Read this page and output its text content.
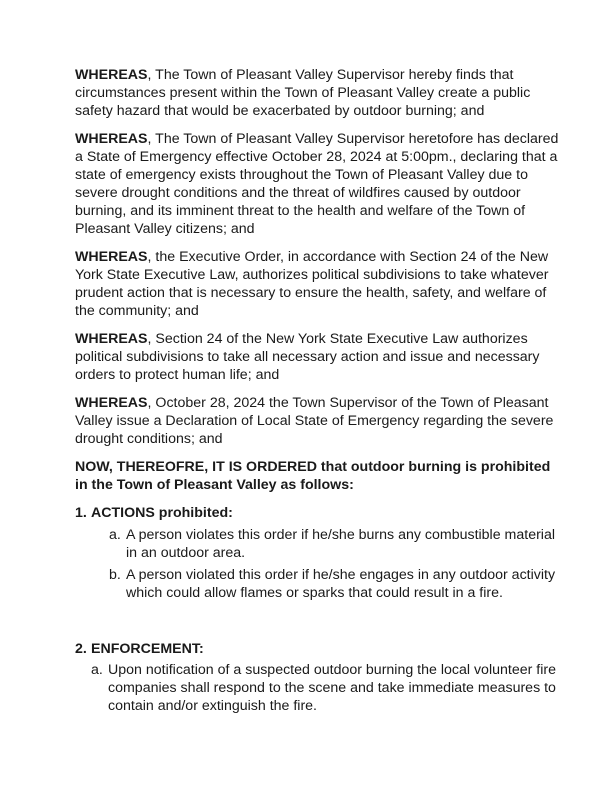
WHEREAS, The Town of Pleasant Valley Supervisor hereby finds that circumstances present within the Town of Pleasant Valley create a public safety hazard that would be exacerbated by outdoor burning; and

WHEREAS, The Town of Pleasant Valley Supervisor heretofore has declared a State of Emergency effective October 28, 2024 at 5:00pm., declaring that a state of emergency exists throughout the Town of Pleasant Valley due to severe drought conditions and the threat of wildfires caused by outdoor burning, and its imminent threat to the health and welfare of the Town of Pleasant Valley citizens; and

WHEREAS, the Executive Order, in accordance with Section 24 of the New York State Executive Law, authorizes political subdivisions to take whatever prudent action that is necessary to ensure the health, safety, and welfare of the community; and

WHEREAS, Section 24 of the New York State Executive Law authorizes political subdivisions to take all necessary action and issue and necessary orders to protect human life; and

WHEREAS, October 28, 2024 the Town Supervisor of the Town of Pleasant Valley issue a Declaration of Local State of Emergency regarding the severe drought conditions; and

NOW, THEREOFRE, IT IS ORDERED that outdoor burning is prohibited in the Town of Pleasant Valley as follows:

1. ACTIONS prohibited:
a. A person violates this order if he/she burns any combustible material in an outdoor area.
b. A person violated this order if he/she engages in any outdoor activity which could allow flames or sparks that could result in a fire.
2. ENFORCEMENT:
a. Upon notification of a suspected outdoor burning the local volunteer fire companies shall respond to the scene and take immediate measures to contain and/or extinguish the fire.
